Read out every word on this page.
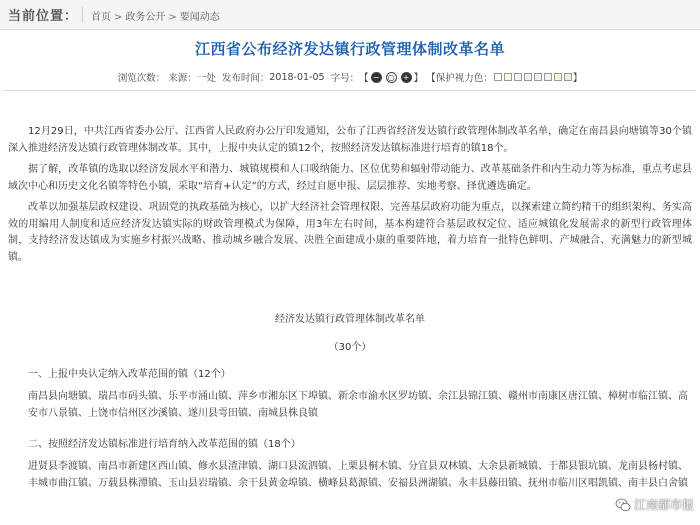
当前位置： 首页 > 政务公开 > 要闻动态
江西省公布经济发达镇行政管理体制改革名单
浏览次数： 来源：一处 发布时间：2018-01-05 字号：【 − ○ + 】 【保护视力色：	】

12月29日，中共江西省委办公厅、江西省人民政府办公厅印发通知，公布了江西省经济发达镇行政管理体制改革名单，确定在南昌县向塘镇等30个镇深入推进经济发达镇行政管理体制改革。其中，上报中央认定的镇12个，按照经济发达镇标准进行培育的镇18个。

据了解，改革镇的选取以经济发展水平和潜力、城镇规模和人口吸纳能力、区位优势和辐射带动能力、改革基础条件和内生动力等为标准，重点考虑县域次中心和历史文化名镇等特色小镇，采取“培育+认定”的方式，经过自愿申报、层层推荐、实地考察、择优遴选确定。

改革以加强基层政权建设、巩固党的执政基础为核心，以扩大经济社会管理权限、完善基层政府功能为重点，以探索建立简约精干的组织架构、务实高效的用编用人制度和适应经济发达镇实际的财政管理模式为保障，用3年左右时间，基本构建符合基层政权定位、适应城镇化发展需求的新型行政管理体制，支持经济发达镇成为实施乡村振兴战略、推动城乡融合发展、决胜全面建成小康的重要阵地，着力培育一批特色鲜明、产城融合、充满魅力的新型城镇。

经济发达镇行政管理体制改革名单
（30个）
一、上报中央认定纳入改革范围的镇（12个）
南昌县向塘镇、瑞昌市码头镇、乐平市涌山镇、萍乡市湘东区下埠镇、新余市渝水区罗坊镇、余江县锦江镇、赣州市南康区唐江镇、樟树市临江镇、高安市八景镇、上饶市信州区沙溪镇、遂川县雩田镇、南城县株良镇
二、按照经济发达镇标准进行培育纳入改革范围的镇（18个）
进贤县李渡镇、南昌市新建区西山镇、修水县渣津镇、湖口县流泗镇、上栗县桐木镇、分宜县双林镇、大余县新城镇、于都县银坑镇、龙南县杨村镇、丰城市曲江镇、万载县株潭镇、玉山县岩瑞镇、余干县黄金埠镇、横峰县葛源镇、安福县洲湖镇、永丰县藤田镇、抚州市临川区唱凯镇、南丰县白舍镇
江南都市报
